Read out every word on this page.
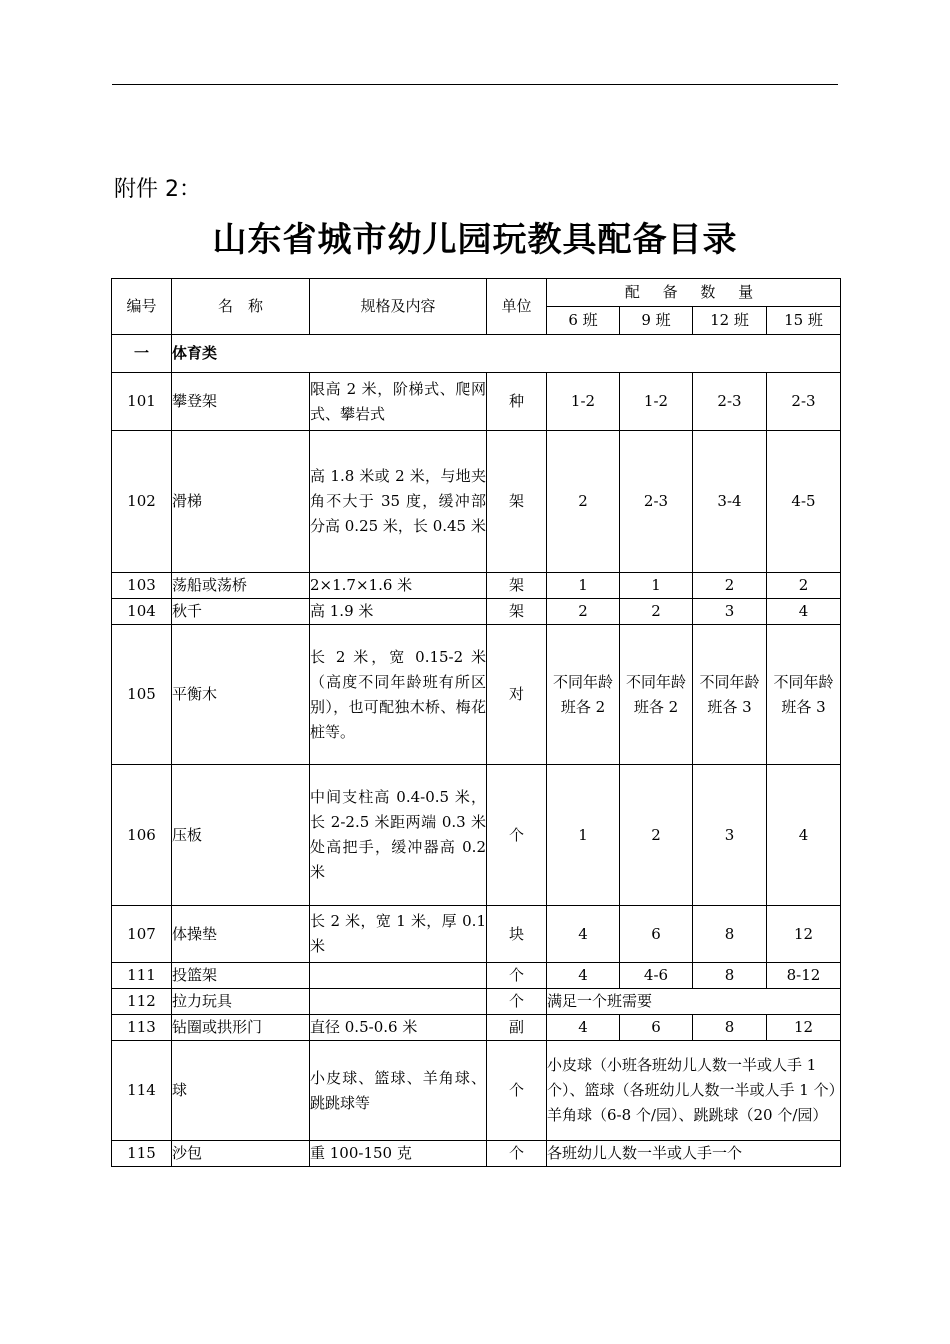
附件 2：
山东省城市幼儿园玩教具配备目录
编号	名　称	规格及内容	单位	配 备 数 量			
				6 班	9 班	12 班	15 班
一	体育类						
101	攀登架	限高 2 米，阶梯式、爬网式、攀岩式	种	1-2	1-2	2-3	2-3
102	滑梯	高 1.8 米或 2 米，与地夹角不大于 35 度，缓冲部分高 0.25 米，长 0.45 米	架	2	2-3	3-4	4-5
103	荡船或荡桥	2×1.7×1.6 米	架	1	1	2	2
104	秋千	高 1.9 米	架	2	2	3	4
105	平衡木	长 2 米，宽 0.15-2 米（高度不同年龄班有所区别），也可配独木桥、梅花桩等。	对	不同年龄班各 2	不同年龄班各 2	不同年龄班各 3	不同年龄班各 3
106	压板	中间支柱高 0.4-0.5 米，长 2-2.5 米距两端 0.3 米处高把手，缓冲器高 0.2 米	个	1	2	3	4
107	体操垫	长 2 米，宽 1 米，厚 0.1 米	块	4	6	8	12
111	投篮架		个	4	4-6	8	8-12
112	拉力玩具		个	满足一个班需要			
113	钻圈或拱形门	直径 0.5-0.6 米	副	4	6	8	12
114	球	小皮球、篮球、羊角球、跳跳球等	个	小皮球（小班各班幼儿人数一半或人手 1 个）、篮球（各班幼儿人数一半或人手 1 个）羊角球（6-8 个/园）、跳跳球（20 个/园）			
115	沙包	重 100-150 克	个	各班幼儿人数一半或人手一个			
